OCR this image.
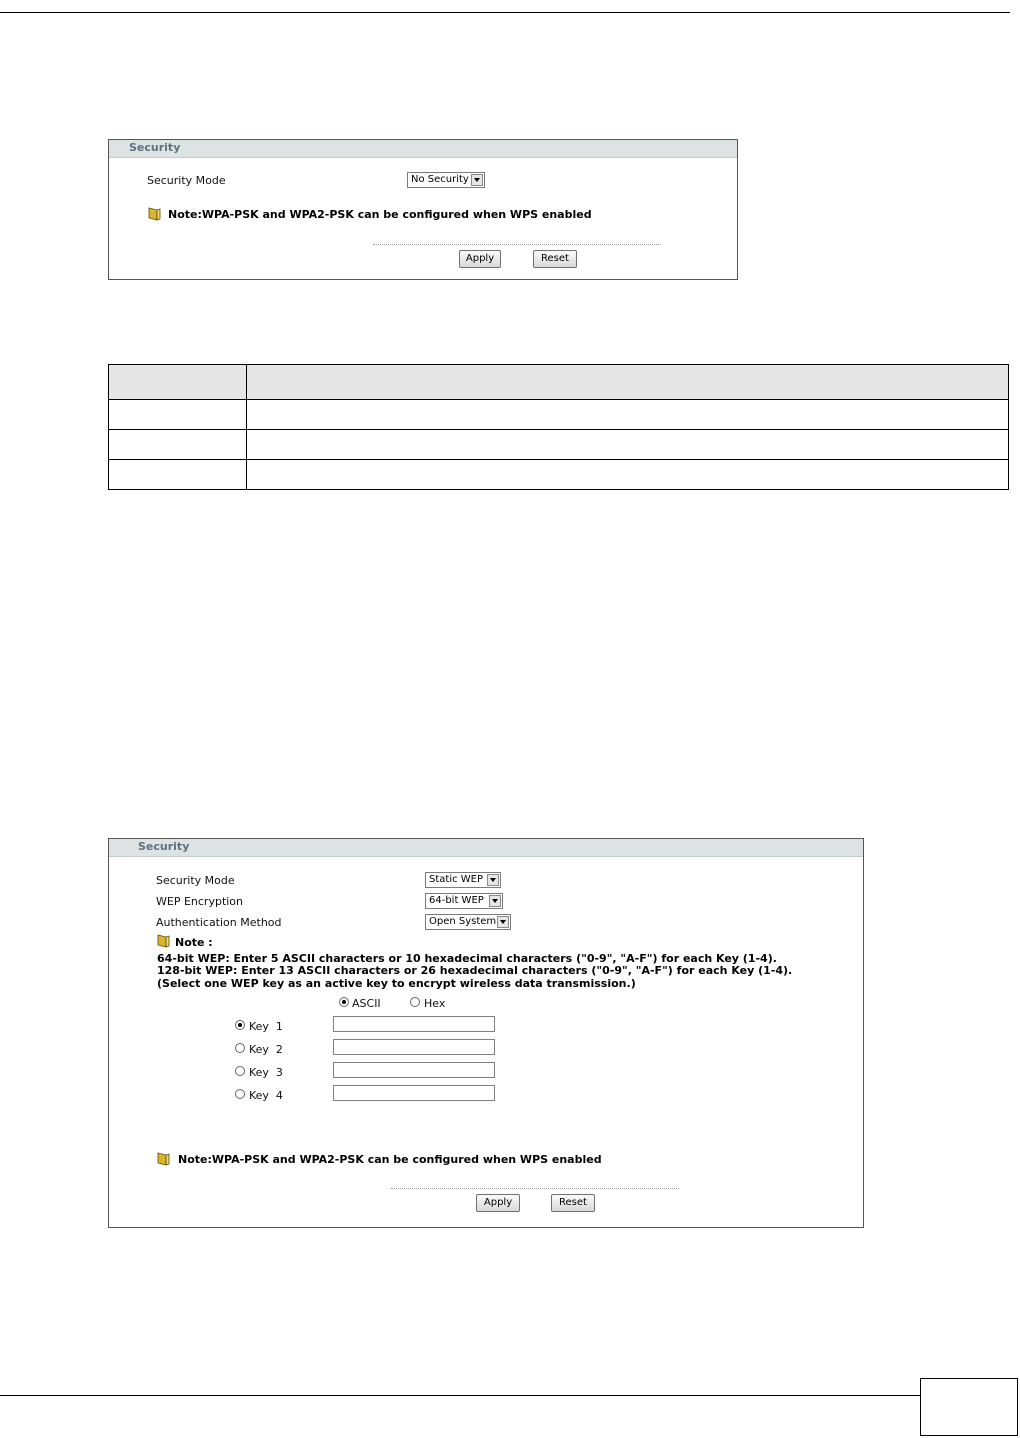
Security
Security Mode	No Security
Note:WPA-PSK and WPA2-PSK can be configured when WPS enabled
Apply	Reset

Security
Security Mode	Static WEP
WEP Encryption	64-bit WEP
Authentication Method	Open System
Note :
64-bit WEP: Enter 5 ASCII characters or 10 hexadecimal characters ("0-9", "A-F") for each Key (1-4).
128-bit WEP: Enter 13 ASCII characters or 26 hexadecimal characters ("0-9", "A-F") for each Key (1-4).
(Select one WEP key as an active key to encrypt wireless data transmission.)
ASCII	Hex
Key  1
Key  2
Key  3
Key  4
Note:WPA-PSK and WPA2-PSK can be configured when WPS enabled
Apply	Reset
